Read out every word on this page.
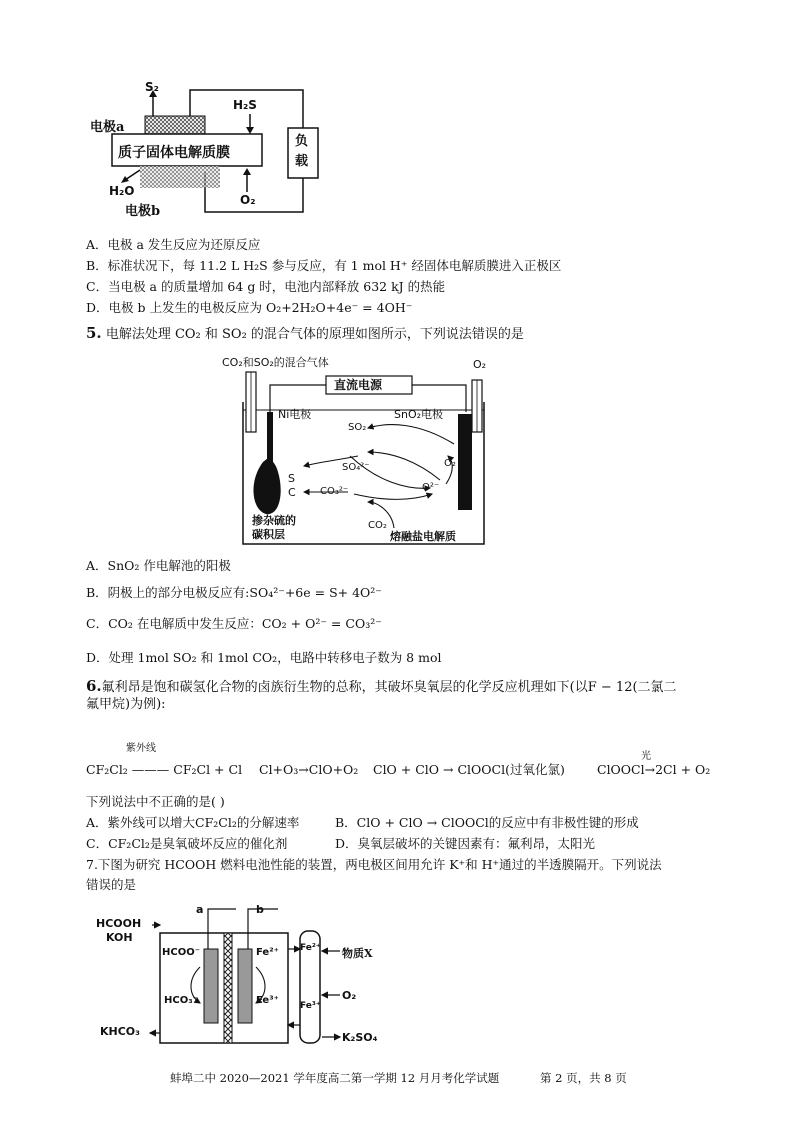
S₂
H₂S
电极a
质子固体电解质膜
负载
H₂O
O₂
电极b
A．电极 a 发生反应为还原反应
B．标准状况下，每 11.2 L H₂S 参与反应，有 1 mol H⁺ 经固体电解质膜进入正极区
C．当电极 a 的质量增加 64 g 时，电池内部释放 632 kJ 的热能
D．电极 b 上发生的电极反应为 O₂+2H₂O+4e⁻ = 4OH⁻
5. 电解法处理 CO₂ 和 SO₂ 的混合气体的原理如图所示，下列说法错误的是
CO₂和SO₂的混合气体	O₂
直流电源
Ni电极	SnO₂电极
SO₂
SO₄²⁻	O₂
S
C CO₃²⁻	O²⁻
CO₂
掺杂硫的
碳积层	熔融盐电解质
A．SnO₂ 作电解池的阳极
B．阴极上的部分电极反应有:SO₄²⁻+6e = S+ 4O²⁻
C．CO₂ 在电解质中发生反应：CO₂ + O²⁻ = CO₃²⁻
D．处理 1mol SO₂ 和 1mol CO₂，电路中转移电子数为 8 mol
6.氟利昂是饱和碳氢化合物的卤族衍生物的总称，其破坏臭氧层的化学反应机理如下(以F − 12(二氯二
氟甲烷)为例):
紫外线
CF₂Cl₂ ——— CF₂Cl + Cl Cl+O₃→ClO+O₂ ClO + ClO → ClOOCl(过氧化氯)
光
ClOOCl→2Cl + O₂
下列说法中不正确的是( )
A．紫外线可以增大CF₂Cl₂的分解速率	B．ClO + ClO → ClOOCl的反应中有非极性键的形成
C．CF₂Cl₂是臭氧破坏反应的催化剂	D．臭氧层破坏的关键因素有：氟利昂，太阳光
7.下图为研究 HCOOH 燃料电池性能的装置，两电极区间用允许 K⁺和 H⁺通过的半透膜隔开。下列说法
错误的是
HCOOH
KOH
a	b
HCOO⁻
HCO₃⁻
Fe²⁺
Fe³⁺
Fe²⁺
Fe³⁺
物质X
O₂
K₂SO₄
KHCO₃
蚌埠二中 2020—2021 学年度高二第一学期 12 月月考化学试题	第 2 页，共 8 页
